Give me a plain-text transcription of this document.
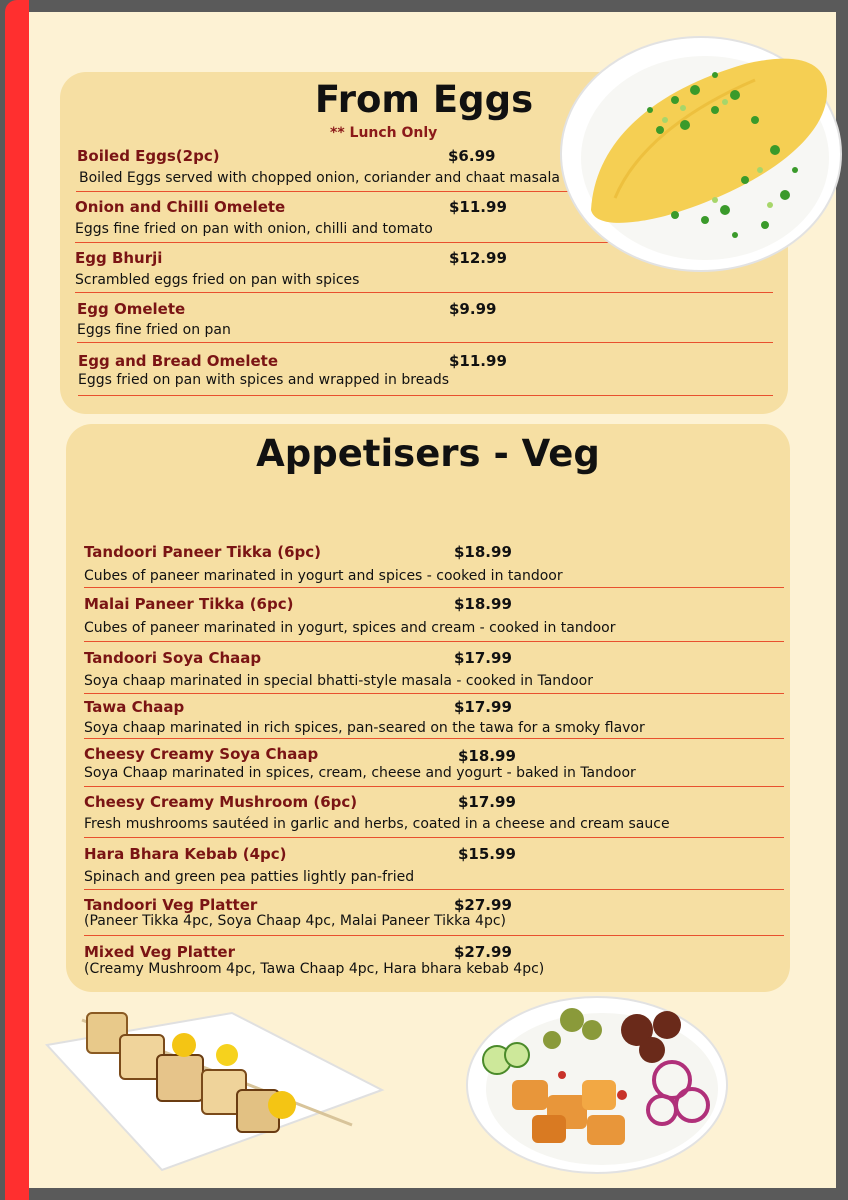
From Eggs
** Lunch Only
Boiled Eggs(2pc)	$6.99
Boiled Eggs served with chopped onion, coriander and chaat masala
Onion and Chilli Omelete	$11.99
Eggs fine fried on pan with onion, chilli and tomato
Egg Bhurji	$12.99
Scrambled eggs fried on pan with spices
Egg Omelete	$9.99
Eggs fine fried on pan
Egg and Bread Omelete	$11.99
Eggs fried on pan with spices and wrapped in breads
Appetisers - Veg
Tandoori Paneer Tikka (6pc)	$18.99
Cubes of paneer marinated in yogurt and spices - cooked in tandoor
Malai Paneer Tikka (6pc)	$18.99
Cubes of paneer marinated in yogurt, spices and cream - cooked in tandoor
Tandoori Soya Chaap	$17.99
Soya chaap marinated in special bhatti-style masala - cooked in Tandoor
Tawa Chaap	$17.99
Soya chaap marinated in rich spices, pan-seared on the tawa for a smoky flavor
Cheesy Creamy Soya Chaap	$18.99
Soya Chaap marinated in spices, cream, cheese and yogurt - baked in Tandoor
Cheesy Creamy Mushroom (6pc)	$17.99
Fresh mushrooms sautéed in garlic and herbs, coated in a cheese and cream sauce
Hara Bhara Kebab (4pc)	$15.99
Spinach and green pea patties lightly pan-fried
Tandoori Veg Platter	$27.99
(Paneer Tikka 4pc, Soya Chaap 4pc, Malai Paneer Tikka 4pc)
Mixed Veg Platter	$27.99
(Creamy Mushroom 4pc, Tawa Chaap 4pc, Hara bhara kebab 4pc)
